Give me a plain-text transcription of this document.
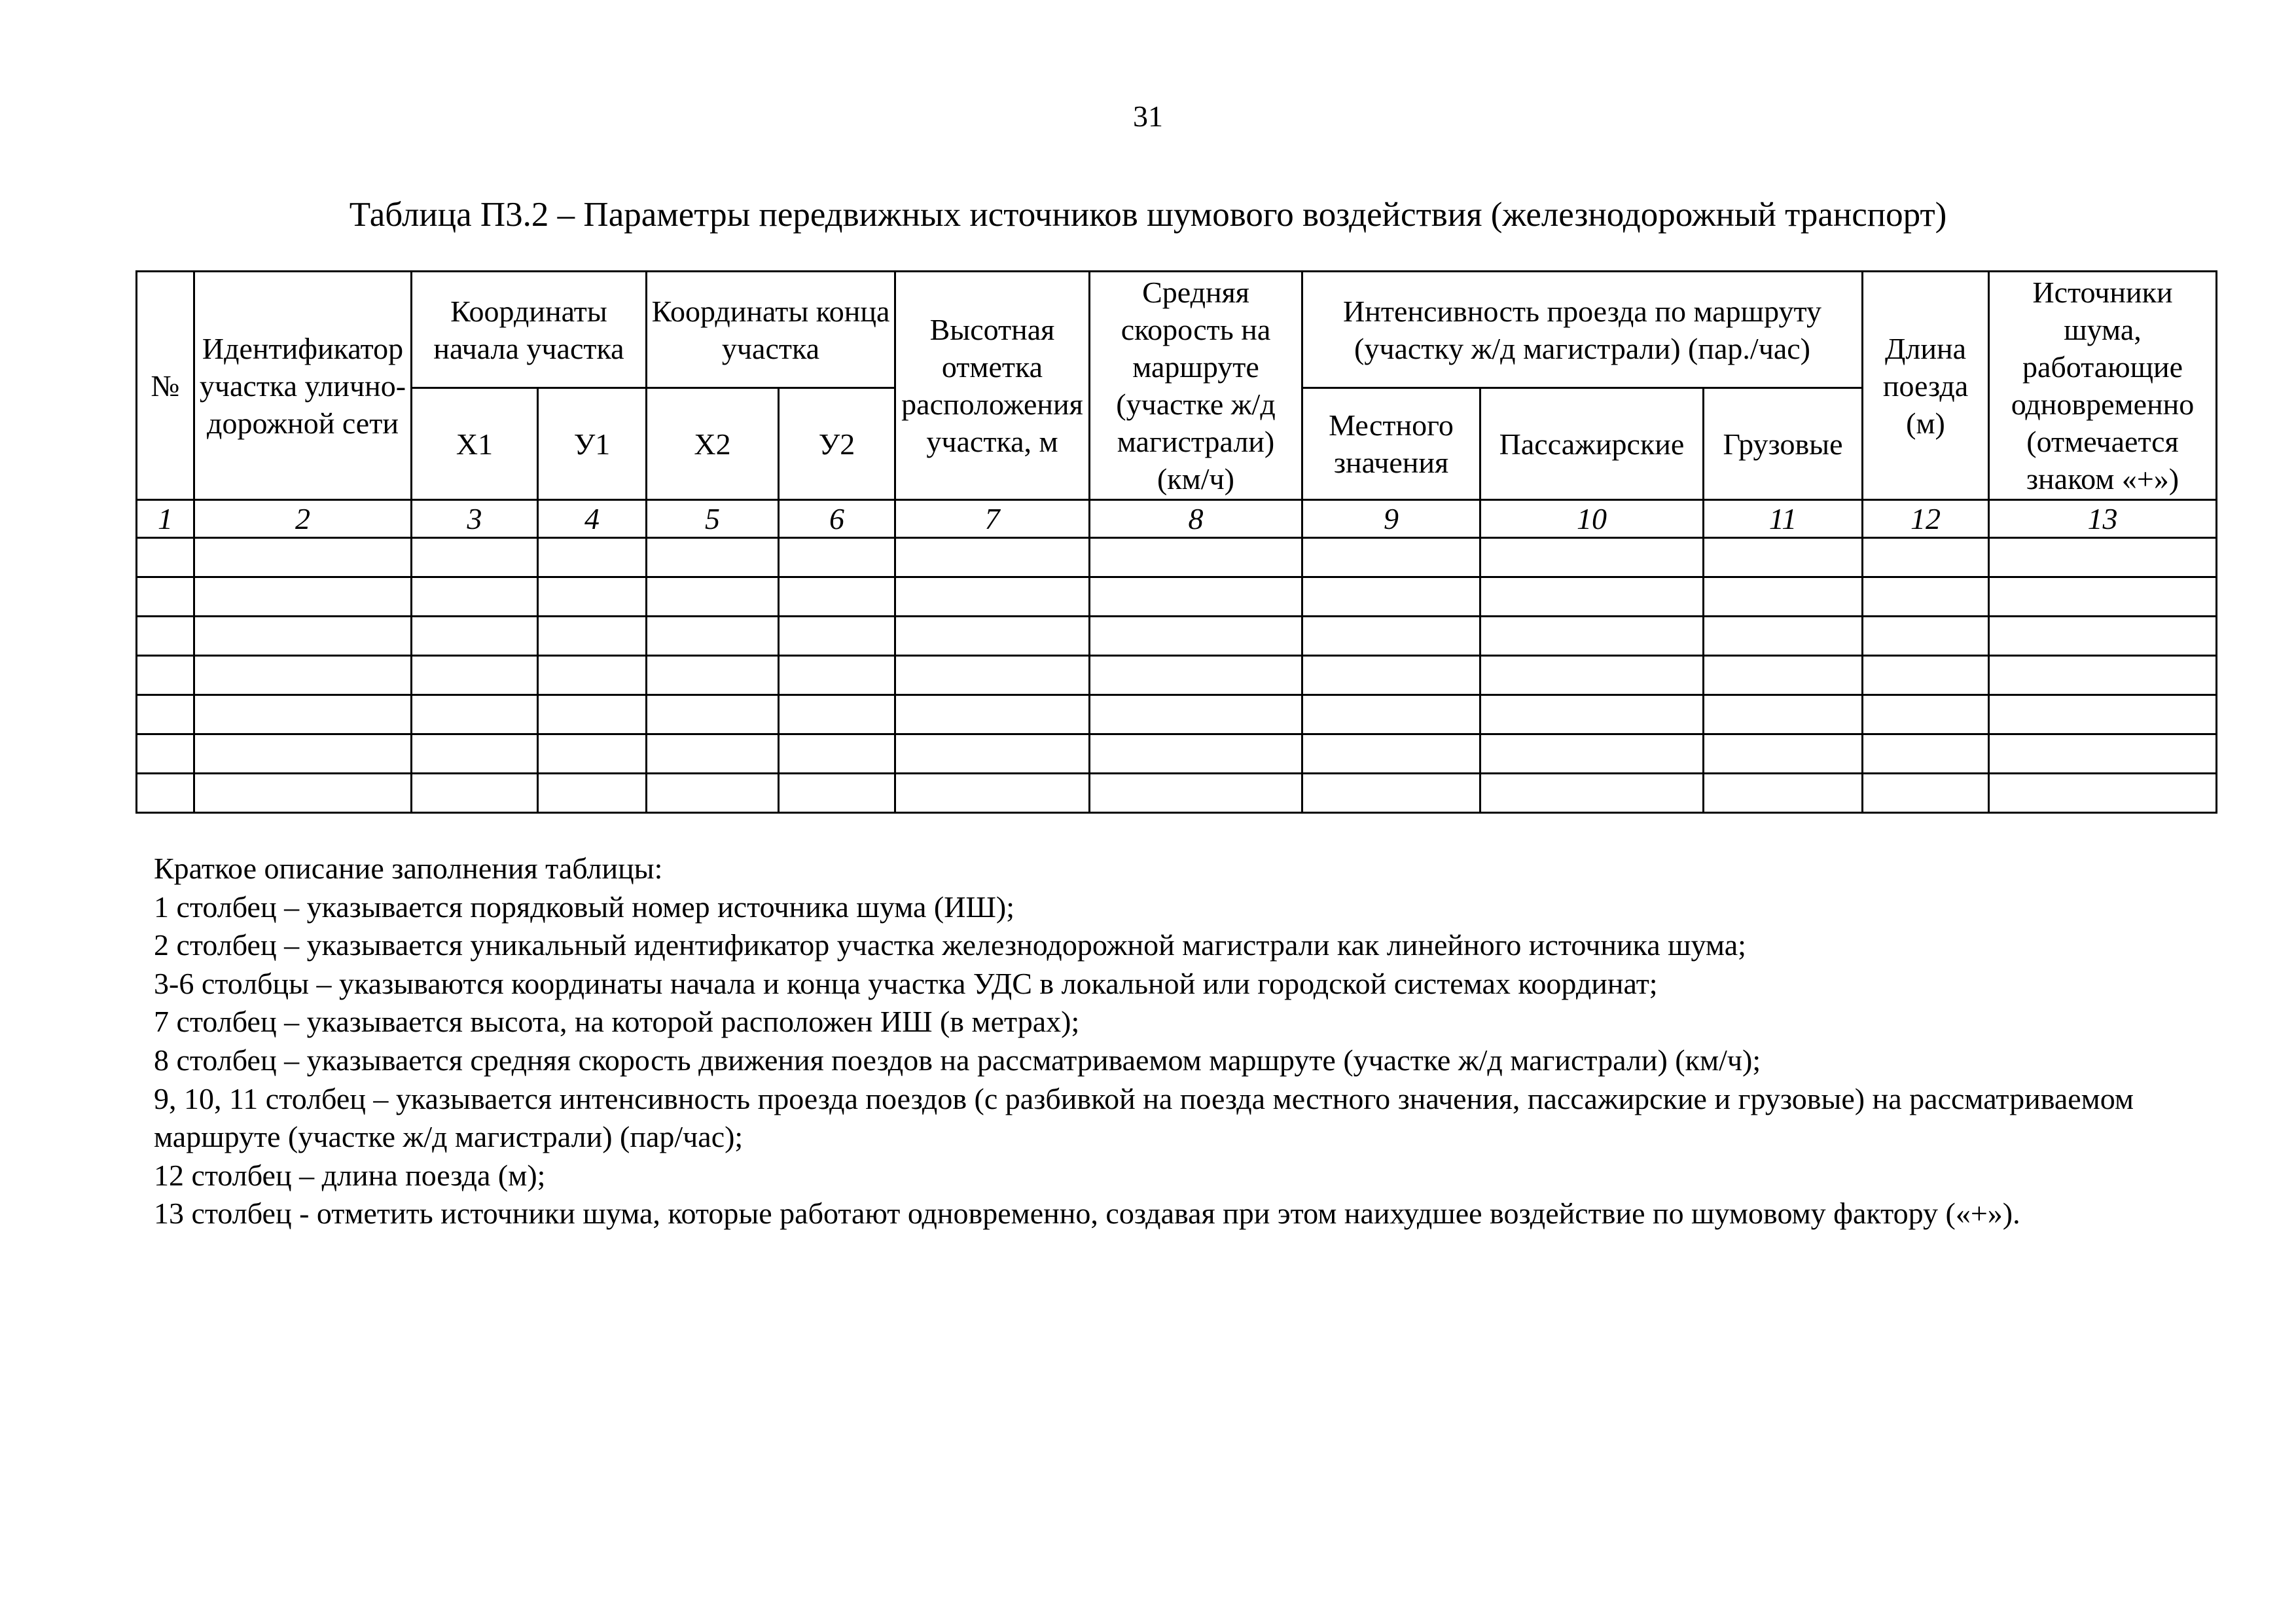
31
Таблица П3.2 – Параметры передвижных источников шумового воздействия (железнодорожный транспорт)
№	Идентификатор участка улично-дорожной сети	Координаты начала участка		Координаты конца участка		Высотная отметка расположения участка, м	Средняя скорость на маршруте (участке ж/д магистрали) (км/ч)	Интенсивность проезда по маршруту (участку ж/д магистрали) (пар./час)			Длина поезда (м)	Источники шума, работающие одновременно (отмечается знаком «+»)
		X1	У1	X2	У2			Местного значения	Пассажирские	Грузовые		
1	2	3	4	5	6	7	8	9	10	11	12	13

Краткое описание заполнения таблицы:
1 столбец – указывается порядковый номер источника шума (ИШ);
2 столбец – указывается уникальный идентификатор участка железнодорожной магистрали как линейного источника шума;
3-6 столбцы – указываются координаты начала и конца участка УДС в локальной или городской системах координат;
7 столбец – указывается высота, на которой расположен ИШ (в метрах);
8 столбец – указывается средняя скорость движения поездов на рассматриваемом маршруте (участке ж/д магистрали) (км/ч);
9, 10, 11 столбец – указывается интенсивность проезда поездов (с разбивкой на поезда местного значения, пассажирские и грузовые) на рассматриваемом маршруте (участке ж/д магистрали) (пар/час);
12 столбец – длина поезда (м);
13 столбец - отметить источники шума, которые работают одновременно, создавая при этом наихудшее воздействие по шумовому фактору («+»).
